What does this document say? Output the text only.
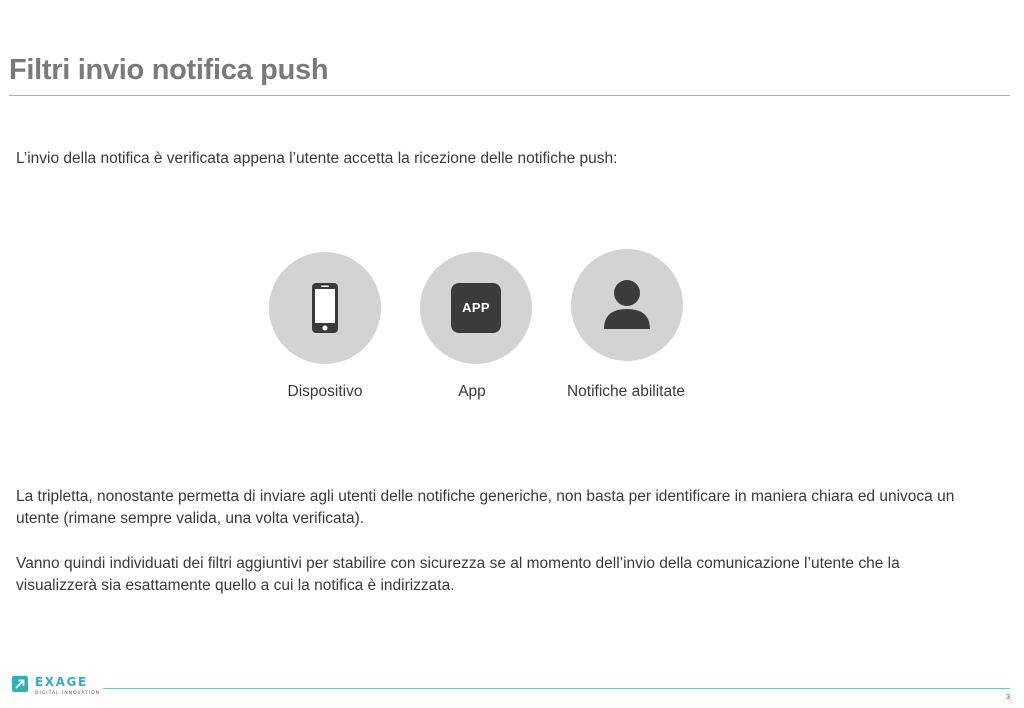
Filtri invio notifica push
L’invio della notifica è verificata appena l’utente accetta la ricezione delle notifiche push:
APP
Dispositivo	App	Notifiche abilitate
La tripletta, nonostante permetta di inviare agli utenti delle notifiche generiche, non basta per identificare in maniera chiara ed univoca un utente (rimane sempre valida, una volta verificata).
Vanno quindi individuati dei filtri aggiuntivi per stabilire con sicurezza se al momento dell’invio della comunicazione l’utente che la visualizzerà sia esattamente quello a cui la notifica è indirizzata.
EXAGE
DIGITAL INNOVATION
3
